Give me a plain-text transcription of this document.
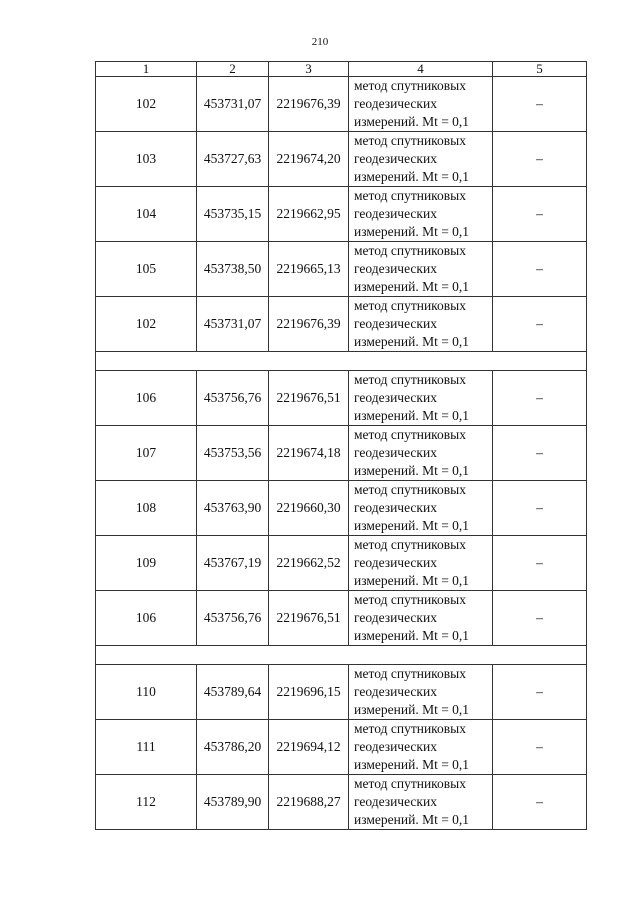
210
1	2	3	4	5
102	453731,07	2219676,39	метод спутниковых
геодезических
измерений. Mt = 0,1	–
103	453727,63	2219674,20	метод спутниковых
геодезических
измерений. Mt = 0,1	–
104	453735,15	2219662,95	метод спутниковых
геодезических
измерений. Mt = 0,1	–
105	453738,50	2219665,13	метод спутниковых
геодезических
измерений. Mt = 0,1	–
102	453731,07	2219676,39	метод спутниковых
геодезических
измерений. Mt = 0,1	–

106	453756,76	2219676,51	метод спутниковых
геодезических
измерений. Mt = 0,1	–
107	453753,56	2219674,18	метод спутниковых
геодезических
измерений. Mt = 0,1	–
108	453763,90	2219660,30	метод спутниковых
геодезических
измерений. Mt = 0,1	–
109	453767,19	2219662,52	метод спутниковых
геодезических
измерений. Mt = 0,1	–
106	453756,76	2219676,51	метод спутниковых
геодезических
измерений. Mt = 0,1	–

110	453789,64	2219696,15	метод спутниковых
геодезических
измерений. Mt = 0,1	–
111	453786,20	2219694,12	метод спутниковых
геодезических
измерений. Mt = 0,1	–
112	453789,90	2219688,27	метод спутниковых
геодезических
измерений. Mt = 0,1	–
